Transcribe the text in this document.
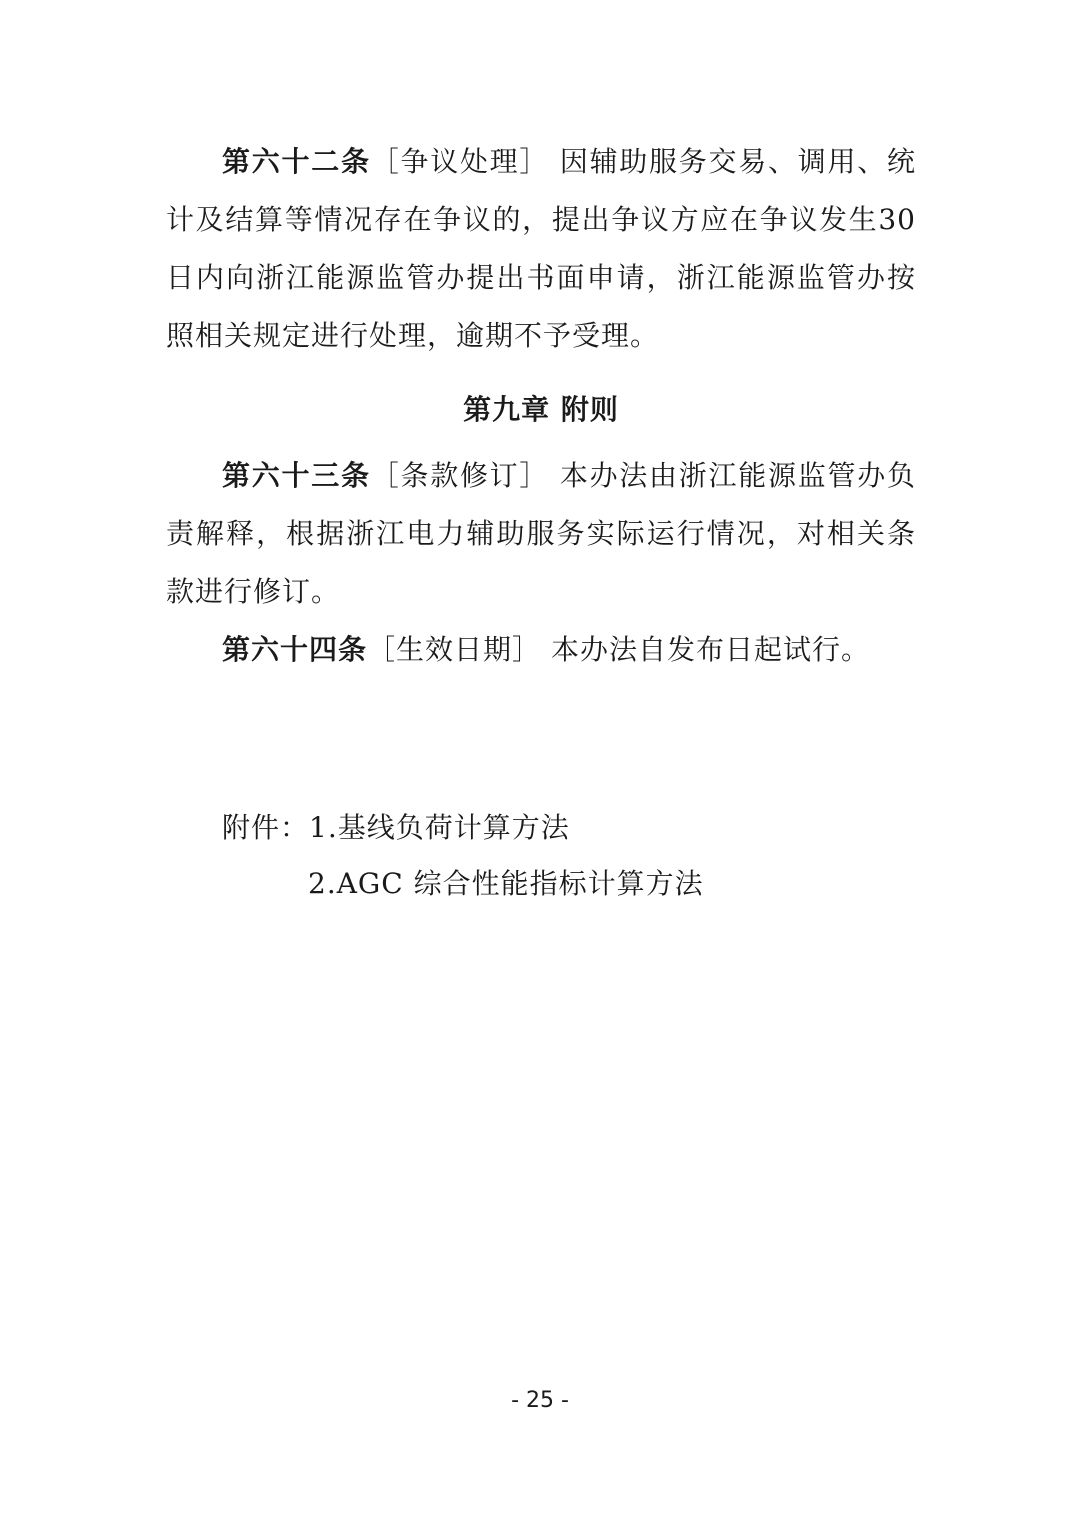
第六十二条［争议处理］ 因辅助服务交易、调用、统计及结算等情况存在争议的，提出争议方应在争议发生30日内向浙江能源监管办提出书面申请，浙江能源监管办按照相关规定进行处理，逾期不予受理。

第九章 附则

第六十三条［条款修订］ 本办法由浙江能源监管办负责解释，根据浙江电力辅助服务实际运行情况，对相关条款进行修订。

第六十四条［生效日期］ 本办法自发布日起试行。

附件：1.基线负荷计算方法
2.AGC 综合性能指标计算方法
- 25 -
